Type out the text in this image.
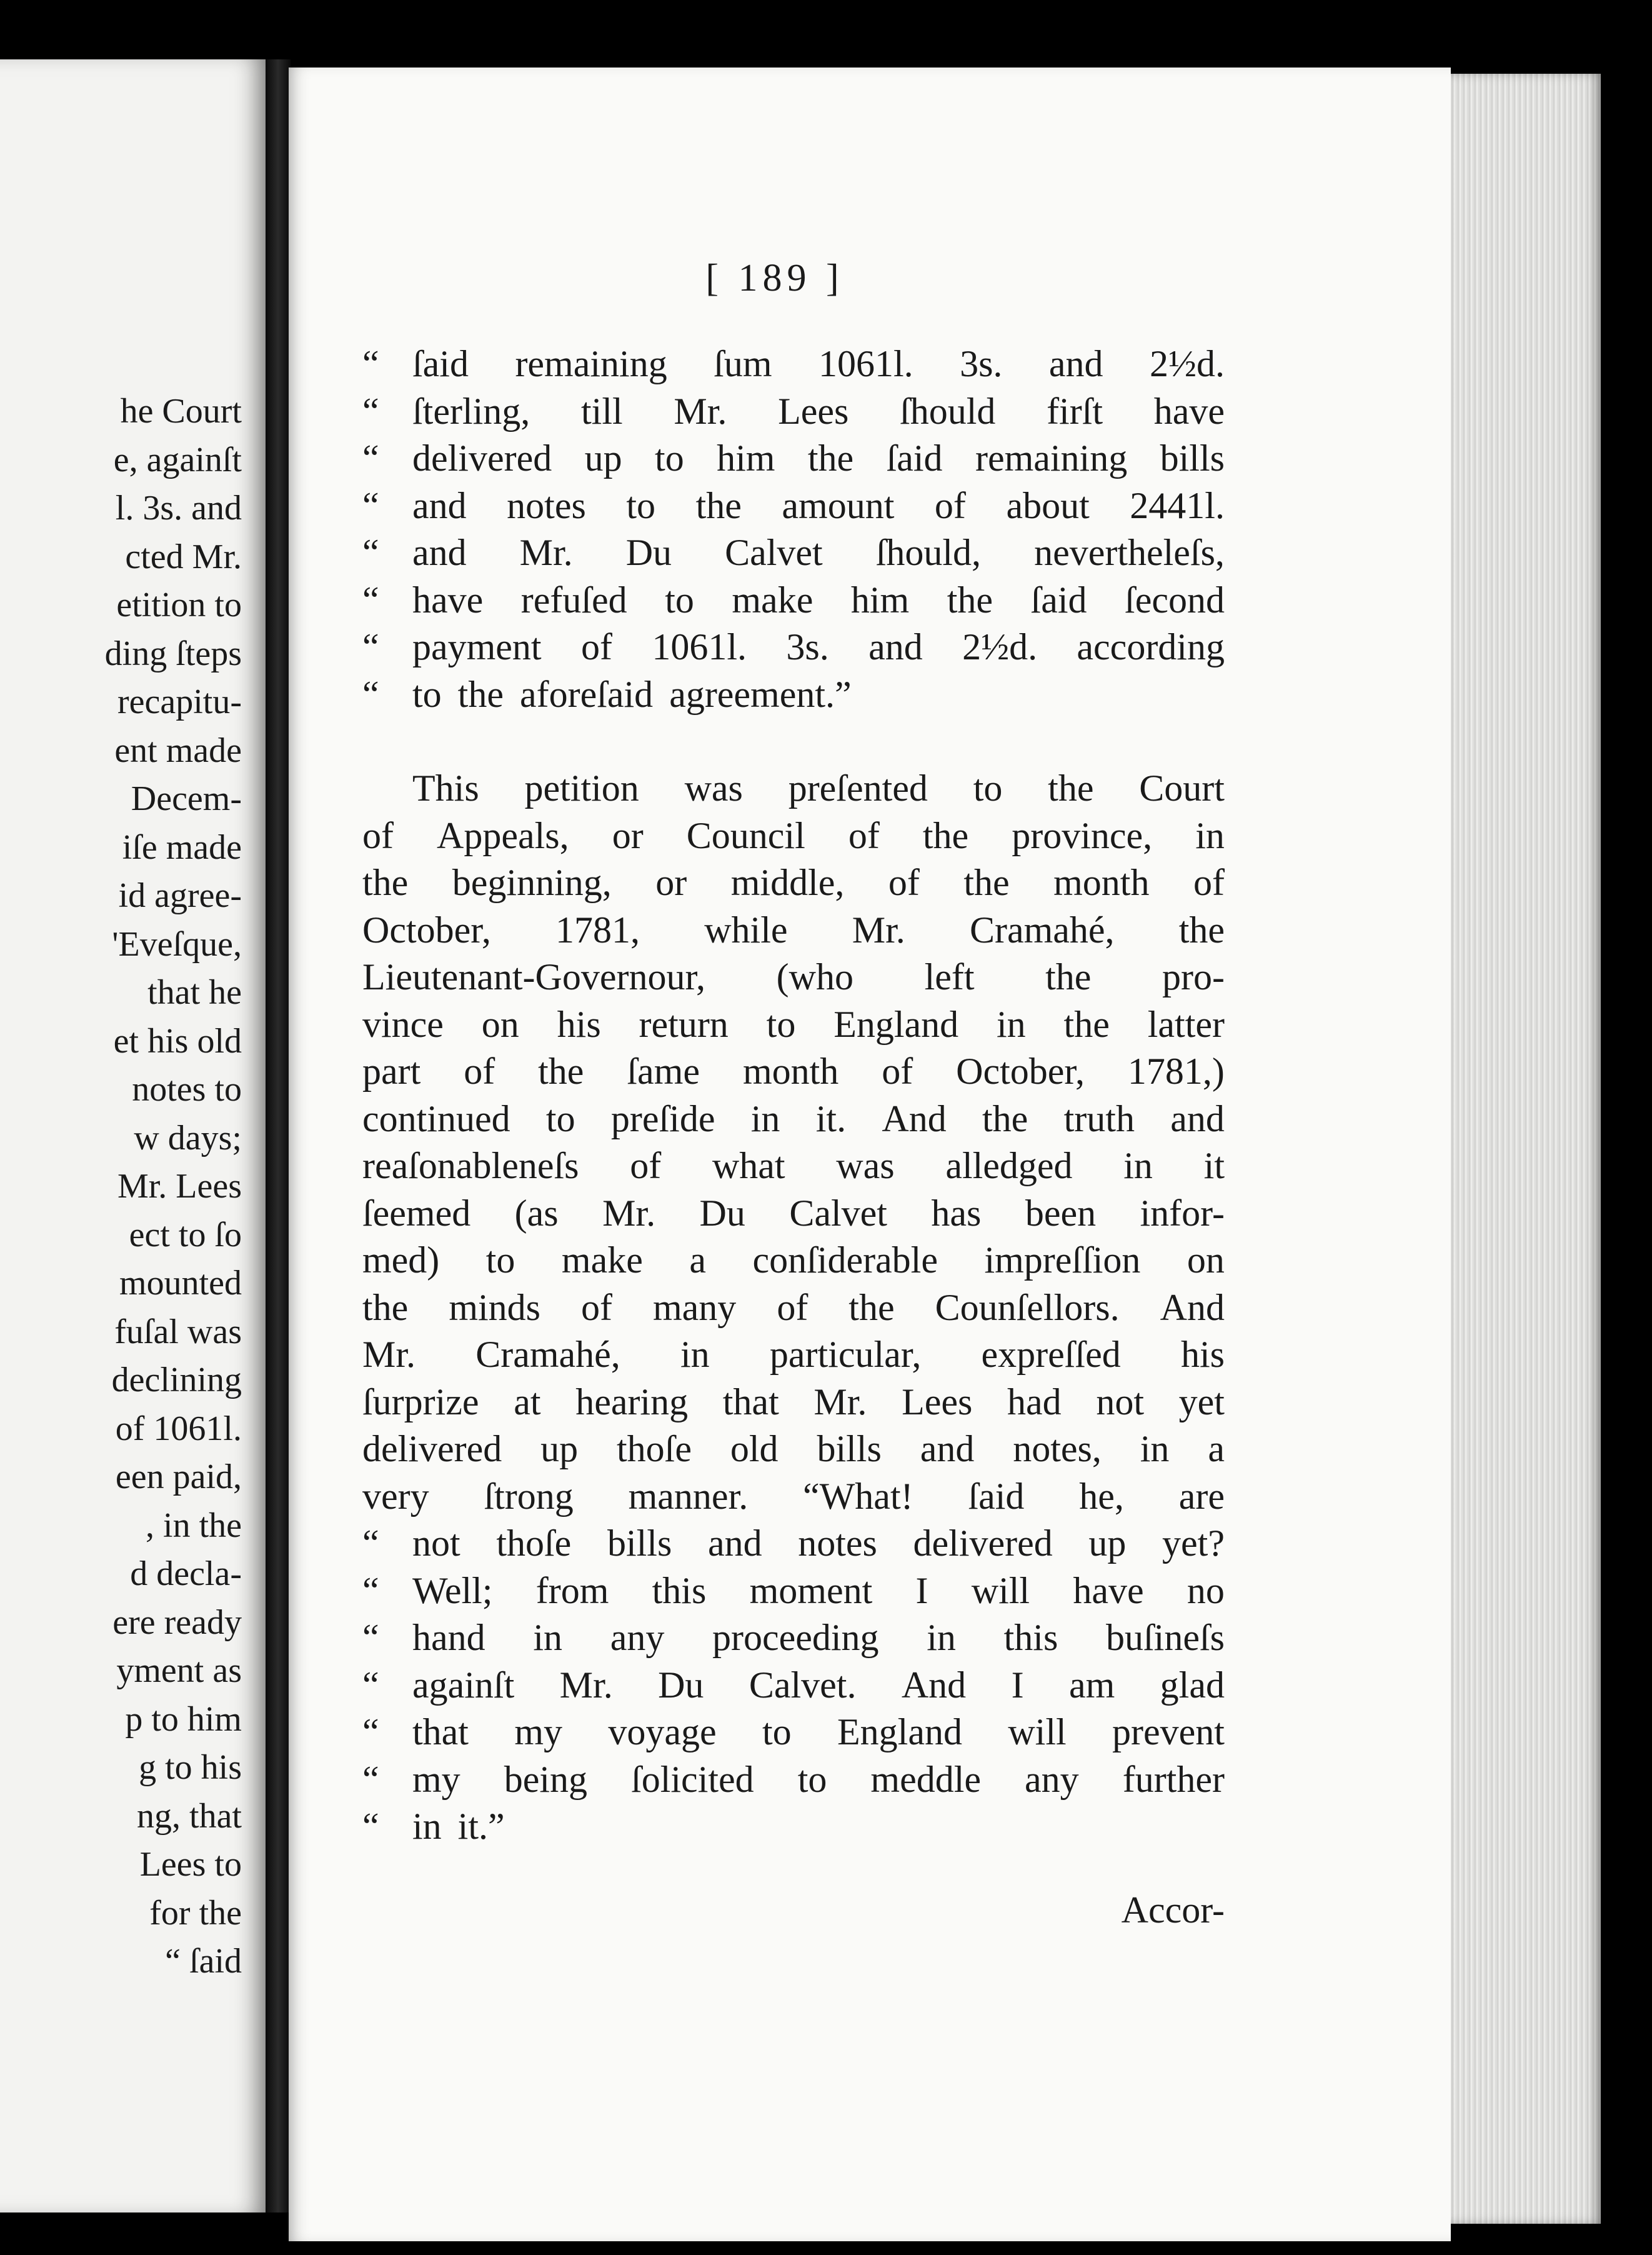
he Court
e, againſt
l. 3s. and
cted Mr.
etition to
ding ſteps
recapitu-
ent made
Decem-
iſe made
id agree-
'Eveſque,
that he
et his old
notes to
w days;
Mr. Lees
ect to ſo
mounted
fuſal was
declining
of 1061l.
een paid,
, in the
d decla-
ere ready
yment as
p to him
g to his
ng, that
Lees to
for the
“ ſaid
[ 189 ]
“ ſaid remaining ſum 1061l. 3s. and 2½d.
“ ſterling, till Mr. Lees ſhould firſt have
“ delivered up to him the ſaid remaining bills
“ and notes to the amount of about 2441l.
“ and Mr. Du Calvet ſhould, nevertheleſs,
“ have refuſed to make him the ſaid ſecond
“ payment of 1061l. 3s. and 2½d. according
“ to the aforeſaid agreement.”
This petition was preſented to the Court
of Appeals, or Council of the province, in
the beginning, or middle, of the month of
October, 1781, while Mr. Cramahé, the
Lieutenant-Governour, (who left the pro-
vince on his return to England in the latter
part of the ſame month of October, 1781,)
continued to preſide in it. And the truth and
reaſonableneſs of what was alledged in it
ſeemed (as Mr. Du Calvet has been infor-
med) to make a conſiderable impreſſion on
the minds of many of the Counſellors. And
Mr. Cramahé, in particular, expreſſed his
ſurprize at hearing that Mr. Lees had not yet
delivered up thoſe old bills and notes, in a
very ſtrong manner. “What! ſaid he, are
“ not thoſe bills and notes delivered up yet?
“ Well; from this moment I will have no
“ hand in any proceeding in this buſineſs
“ againſt Mr. Du Calvet. And I am glad
“ that my voyage to England will prevent
“ my being ſolicited to meddle any further
“ in it.”
Accor-
